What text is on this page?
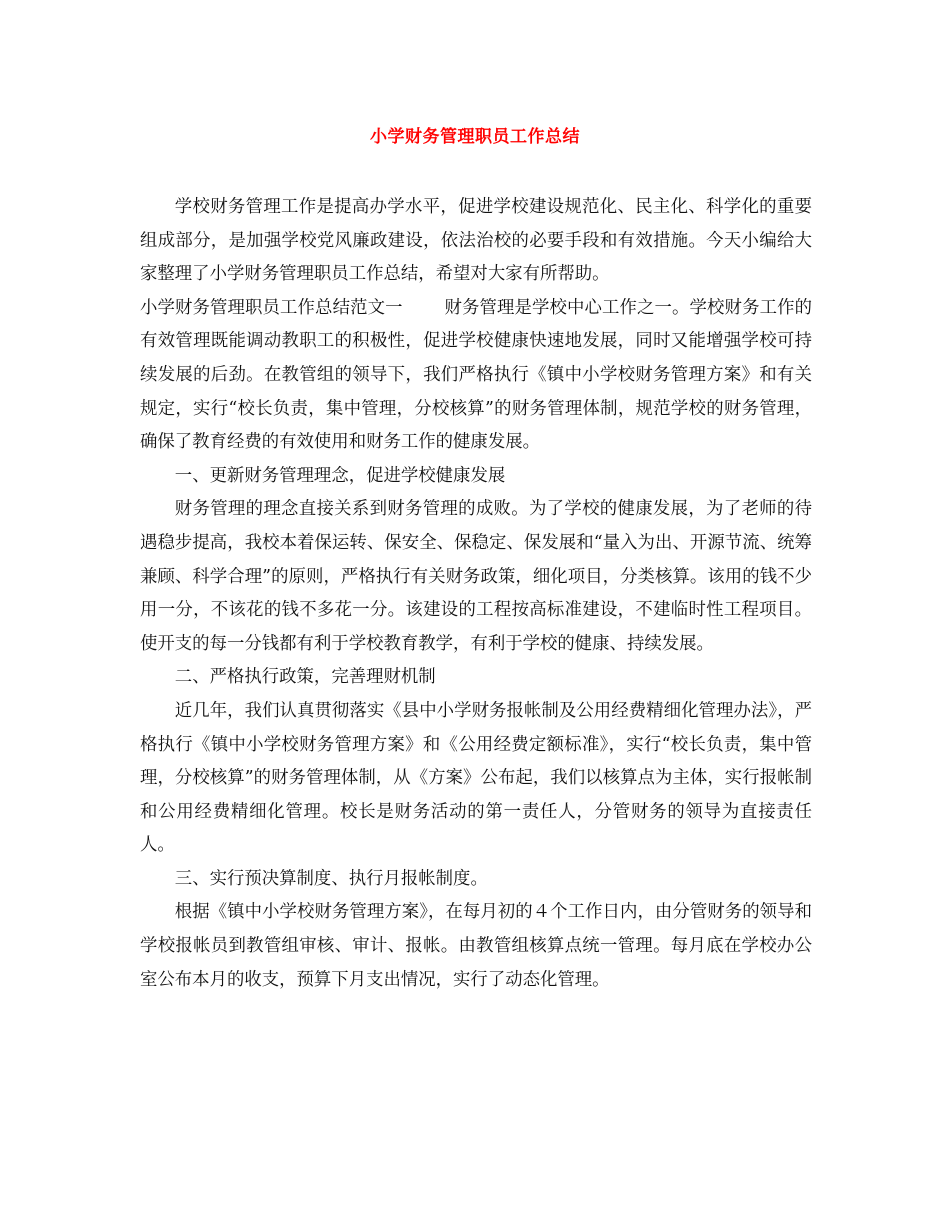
小学财务管理职员工作总结

学校财务管理工作是提高办学水平，促进学校建设规范化、民主化、科学化的重要组成部分，是加强学校党风廉政建设，依法治校的必要手段和有效措施。今天小编给大家整理了小学财务管理职员工作总结，希望对大家有所帮助。

小学财务管理职员工作总结范文一 财务管理是学校中心工作之一。学校财务工作的有效管理既能调动教职工的积极性，促进学校健康快速地发展，同时又能增强学校可持续发展的后劲。在教管组的领导下，我们严格执行《镇中小学校财务管理方案》和有关规定，实行“校长负责，集中管理，分校核算”的财务管理体制，规范学校的财务管理，确保了教育经费的有效使用和财务工作的健康发展。

一、更新财务管理理念，促进学校健康发展

财务管理的理念直接关系到财务管理的成败。为了学校的健康发展，为了老师的待遇稳步提高，我校本着保运转、保安全、保稳定、保发展和“量入为出、开源节流、统筹兼顾、科学合理”的原则，严格执行有关财务政策，细化项目，分类核算。该用的钱不少用一分，不该花的钱不多花一分。该建设的工程按高标准建设，不建临时性工程项目。使开支的每一分钱都有利于学校教育教学，有利于学校的健康、持续发展。

二、严格执行政策，完善理财机制

近几年，我们认真贯彻落实《县中小学财务报帐制及公用经费精细化管理办法》，严格执行《镇中小学校财务管理方案》和《公用经费定额标准》，实行“校长负责，集中管理，分校核算”的财务管理体制，从《方案》公布起，我们以核算点为主体，实行报帐制和公用经费精细化管理。校长是财务活动的第一责任人，分管财务的领导为直接责任人。

三、实行预决算制度、执行月报帐制度。

根据《镇中小学校财务管理方案》，在每月初的４个工作日内，由分管财务的领导和学校报帐员到教管组审核、审计、报帐。由教管组核算点统一管理。每月底在学校办公室公布本月的收支，预算下月支出情况，实行了动态化管理。
